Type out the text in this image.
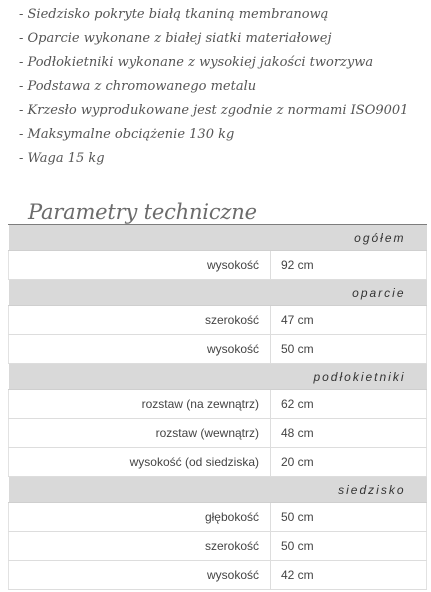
- Siedzisko pokryte białą tkaniną membranową
- Oparcie wykonane z białej siatki materiałowej
- Podłokietniki wykonane z wysokiej jakości tworzywa
- Podstawa z chromowanego metalu
- Krzesło wyprodukowane jest zgodnie z normami ISO9001
- Maksymalne obciążenie 130 kg
- Waga 15 kg
Parametry techniczne
ogółem	
wysokość	92 cm
oparcie	
szerokość	47 cm
wysokość	50 cm
podłokietniki	
rozstaw (na zewnątrz)	62 cm
rozstaw (wewnątrz)	48 cm
wysokość (od siedziska)	20 cm
siedzisko	
głębokość	50 cm
szerokość	50 cm
wysokość	42 cm
